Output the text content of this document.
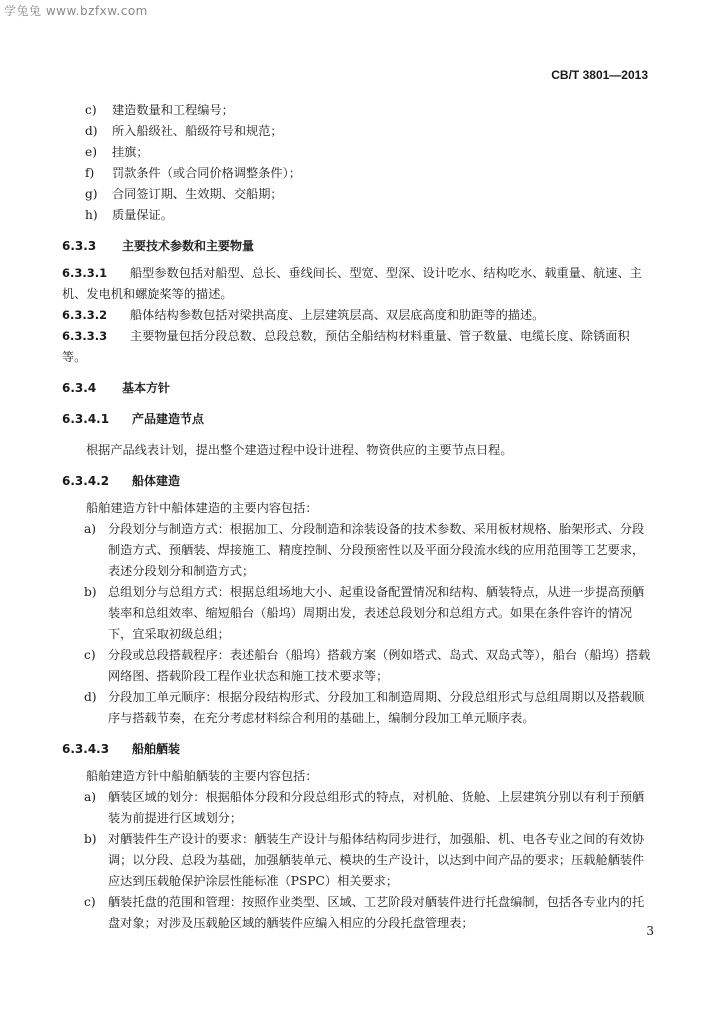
学兔兔 www.bzfxw.com
CB/T 3801—2013
c) 建造数量和工程编号；
d) 所入船级社、船级符号和规范；
e) 挂旗；
f) 罚款条件（或合同价格调整条件）；
g) 合同签订期、生效期、交船期；
h) 质量保证。
6.3.3 主要技术参数和主要物量
6.3.3.1 船型参数包括对船型、总长、垂线间长、型宽、型深、设计吃水、结构吃水、载重量、航速、主机、发电机和螺旋桨等的描述。
6.3.3.2 船体结构参数包括对梁拱高度、上层建筑层高、双层底高度和肋距等的描述。
6.3.3.3 主要物量包括分段总数、总段总数，预估全船结构材料重量、管子数量、电缆长度、除锈面积等。
6.3.4 基本方针
6.3.4.1 产品建造节点
根据产品线表计划，提出整个建造过程中设计进程、物资供应的主要节点日程。
6.3.4.2 船体建造
船舶建造方针中船体建造的主要内容包括：
a) 分段划分与制造方式：根据加工、分段制造和涂装设备的技术参数、采用板材规格、胎架形式、分段制造方式、预舾装、焊接施工、精度控制、分段预密性以及平面分段流水线的应用范围等工艺要求，表述分段划分和制造方式；
b) 总组划分与总组方式：根据总组场地大小、起重设备配置情况和结构、舾装特点，从进一步提高预舾装率和总组效率、缩短船台（船坞）周期出发，表述总段划分和总组方式。如果在条件容许的情况下，宜采取初级总组；
c) 分段或总段搭载程序：表述船台（船坞）搭载方案（例如塔式、岛式、双岛式等），船台（船坞）搭载网络图、搭载阶段工程作业状态和施工技术要求等；
d) 分段加工单元顺序：根据分段结构形式、分段加工和制造周期、分段总组形式与总组周期以及搭载顺序与搭载节奏，在充分考虑材料综合利用的基础上，编制分段加工单元顺序表。
6.3.4.3 船舶舾装
船舶建造方针中船舶舾装的主要内容包括：
a) 舾装区域的划分：根据船体分段和分段总组形式的特点，对机舱、货舱、上层建筑分别以有利于预舾装为前提进行区域划分；
b) 对舾装件生产设计的要求：舾装生产设计与船体结构同步进行，加强船、机、电各专业之间的有效协调；以分段、总段为基础，加强舾装单元、模块的生产设计，以达到中间产品的要求；压载舱舾装件应达到压载舱保护涂层性能标准（PSPC）相关要求；
c) 舾装托盘的范围和管理：按照作业类型、区域、工艺阶段对舾装件进行托盘编制，包括各专业内的托盘对象；对涉及压载舱区域的舾装件应编入相应的分段托盘管理表；
3
